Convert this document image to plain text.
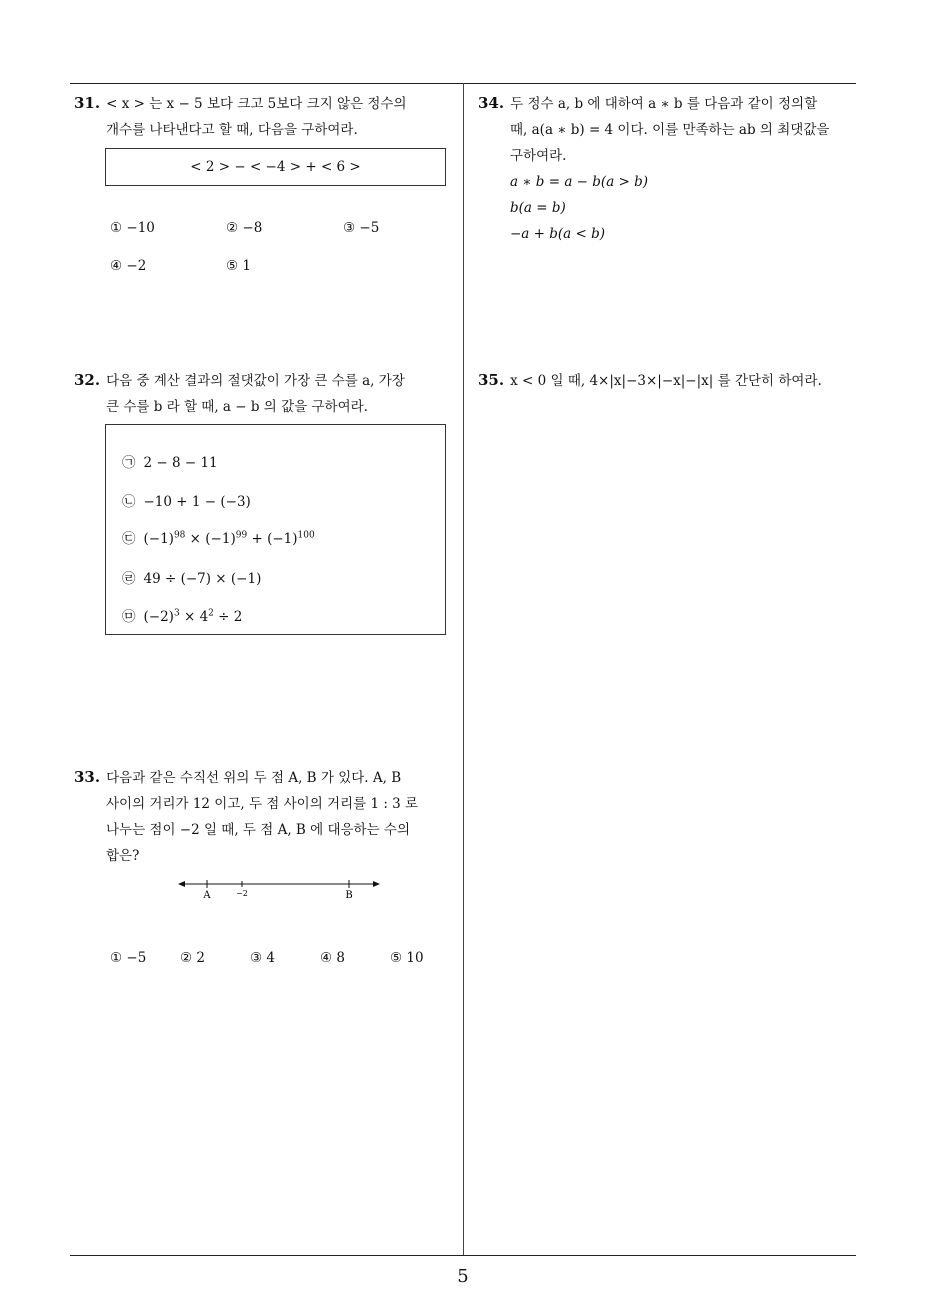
31. < x > 는 x − 5 보다 크고 5보다 크지 않은 정수의
개수를 나타낸다고 할 때, 다음을 구하여라.
< 2 > − < −4 > + < 6 >
① −10	② −8	③ −5
④ −2	⑤ 1
32. 다음 중 계산 결과의 절댓값이 가장 큰 수를 a, 가장
큰 수를 b 라 할 때, a − b 의 값을 구하여라.
㉠ 2 − 8 − 11
㉡ −10 + 1 − (−3)
㉢ $(-1)^{98} \times (-1)^{99} + (-1)^{100}$
㉣ 49 ÷ (−7) × (−1)
㉤ $(-2)^3 \times 4^2 \div 2$
33. 다음과 같은 수직선 위의 두 점 A, B 가 있다. A, B
사이의 거리가 12 이고, 두 점 사이의 거리를 1 : 3 로
나누는 점이 −2 일 때, 두 점 A, B 에 대응하는 수의
합은?
A	−2	B
① −5 ② 2	③ 4	④ 8	⑤ 10
34. 두 정수 a, b 에 대하여 a ∗ b 를 다음과 같이 정의할
때, a(a ∗ b) = 4 이다. 이를 만족하는 ab 의 최댓값을
구하여라.
a ∗ b = a − b(a > b)
b(a = b)
−a + b(a < b)
35. x < 0 일 때, 4×|x|−3×|−x|−|x| 를 간단히 하여라.
5
